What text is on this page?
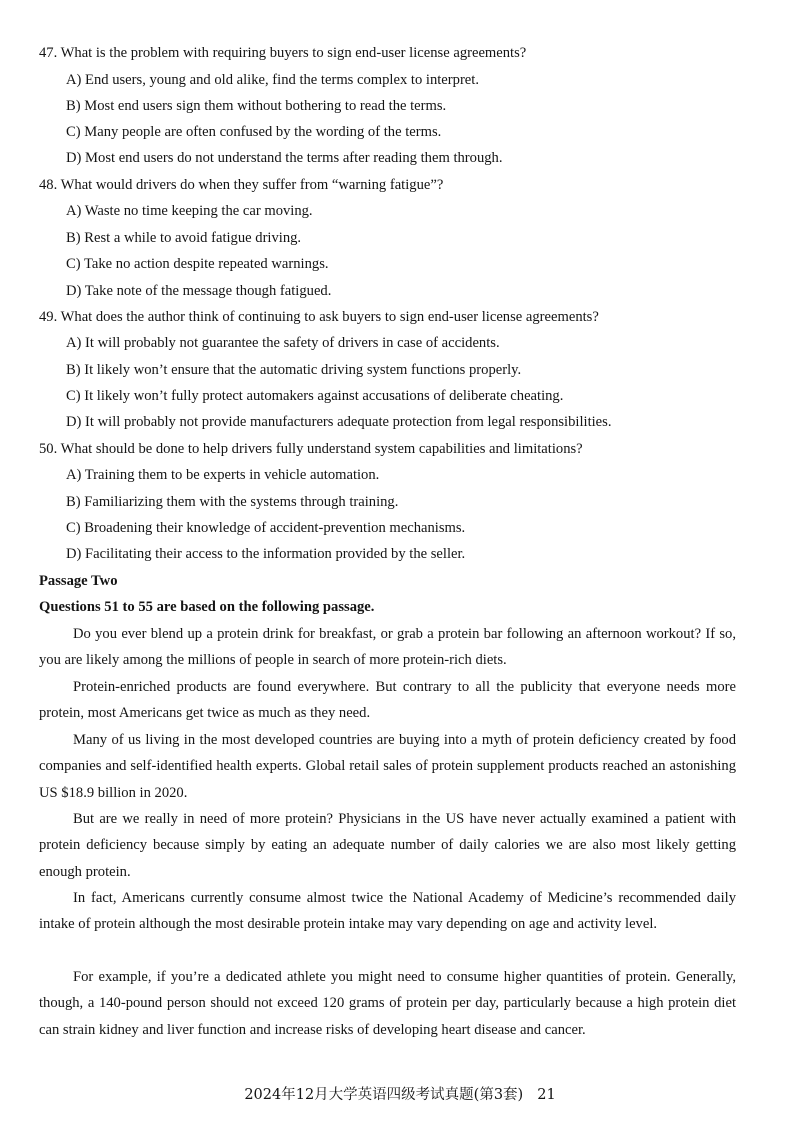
47. What is the problem with requiring buyers to sign end-user license agreements?
A) End users, young and old alike, find the terms complex to interpret.
B) Most end users sign them without bothering to read the terms.
C) Many people are often confused by the wording of the terms.
D) Most end users do not understand the terms after reading them through.
48. What would drivers do when they suffer from “warning fatigue”?
A) Waste no time keeping the car moving.
B) Rest a while to avoid fatigue driving.
C) Take no action despite repeated warnings.
D) Take note of the message though fatigued.
49. What does the author think of continuing to ask buyers to sign end-user license agreements?
A) It will probably not guarantee the safety of drivers in case of accidents.
B) It likely won’t ensure that the automatic driving system functions properly.
C) It likely won’t fully protect automakers against accusations of deliberate cheating.
D) It will probably not provide manufacturers adequate protection from legal responsibilities.
50. What should be done to help drivers fully understand system capabilities and limitations?
A) Training them to be experts in vehicle automation.
B) Familiarizing them with the systems through training.
C) Broadening their knowledge of accident-prevention mechanisms.
D) Facilitating their access to the information provided by the seller.
Passage Two
Questions 51 to 55 are based on the following passage.

Do you ever blend up a protein drink for breakfast, or grab a protein bar following an afternoon workout? If so, you are likely among the millions of people in search of more protein-rich diets.

Protein-enriched products are found everywhere. But contrary to all the publicity that everyone needs more protein, most Americans get twice as much as they need.

Many of us living in the most developed countries are buying into a myth of protein deficiency created by food companies and self-identified health experts. Global retail sales of protein supplement products reached an astonishing US $18.9 billion in 2020.

But are we really in need of more protein? Physicians in the US have never actually examined a patient with protein deficiency because simply by eating an adequate number of daily calories we are also most likely getting enough protein.

In fact, Americans currently consume almost twice the National Academy of Medicine’s recommended daily intake of protein although the most desirable protein intake may vary depending on age and activity level.

For example, if you’re a dedicated athlete you might need to consume higher quantities of protein. Generally, though, a 140-pound person should not exceed 120 grams of protein per day, particularly because a high protein diet can strain kidney and liver function and increase risks of developing heart disease and cancer.

2024年12月大学英语四级考试真题(第3套) 21
